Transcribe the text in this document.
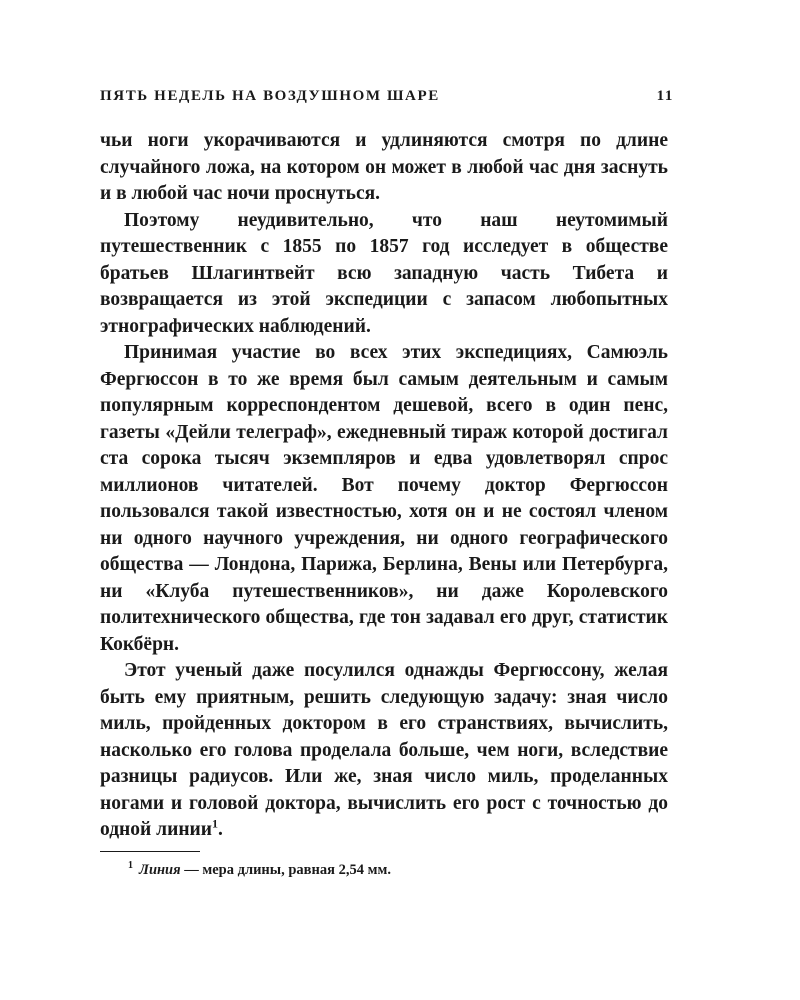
ПЯТЬ НЕДЕЛЬ НА ВОЗДУШНОМ ШАРЕ	11

чьи ноги укорачиваются и удлиняются смотря по длине случайного ложа, на котором он может в любой час дня заснуть и в любой час ночи проснуться.

Поэтому неудивительно, что наш неутомимый путешественник с 1855 по 1857 год исследует в обществе братьев Шлагинтвейт всю западную часть Тибета и возвращается из этой экспедиции с запасом любопытных этнографических наблюдений.

Принимая участие во всех этих экспедициях, Самюэль Фергюссон в то же время был самым деятельным и самым популярным корреспондентом дешевой, всего в один пенс, газеты «Дейли телеграф», ежедневный тираж которой достигал ста сорока тысяч экземпляров и едва удовлетворял спрос миллионов читателей. Вот почему доктор Фергюссон пользовался такой известностью, хотя он и не состоял членом ни одного научного учреждения, ни одного географического общества — Лондона, Парижа, Берлина, Вены или Петербурга, ни «Клуба путешественников», ни даже Королевского политехнического общества, где тон задавал его друг, статистик Кокбёрн.

Этот ученый даже посулился однажды Фергюссону, желая быть ему приятным, решить следующую задачу: зная число миль, пройденных доктором в его странствиях, вычислить, насколько его голова проделала больше, чем ноги, вследствие разницы радиусов. Или же, зная число миль, проделанных ногами и головой доктора, вычислить его рост с точностью до одной линии$^1$.

$^1$ Линия — мера длины, равная 2,54 мм.
